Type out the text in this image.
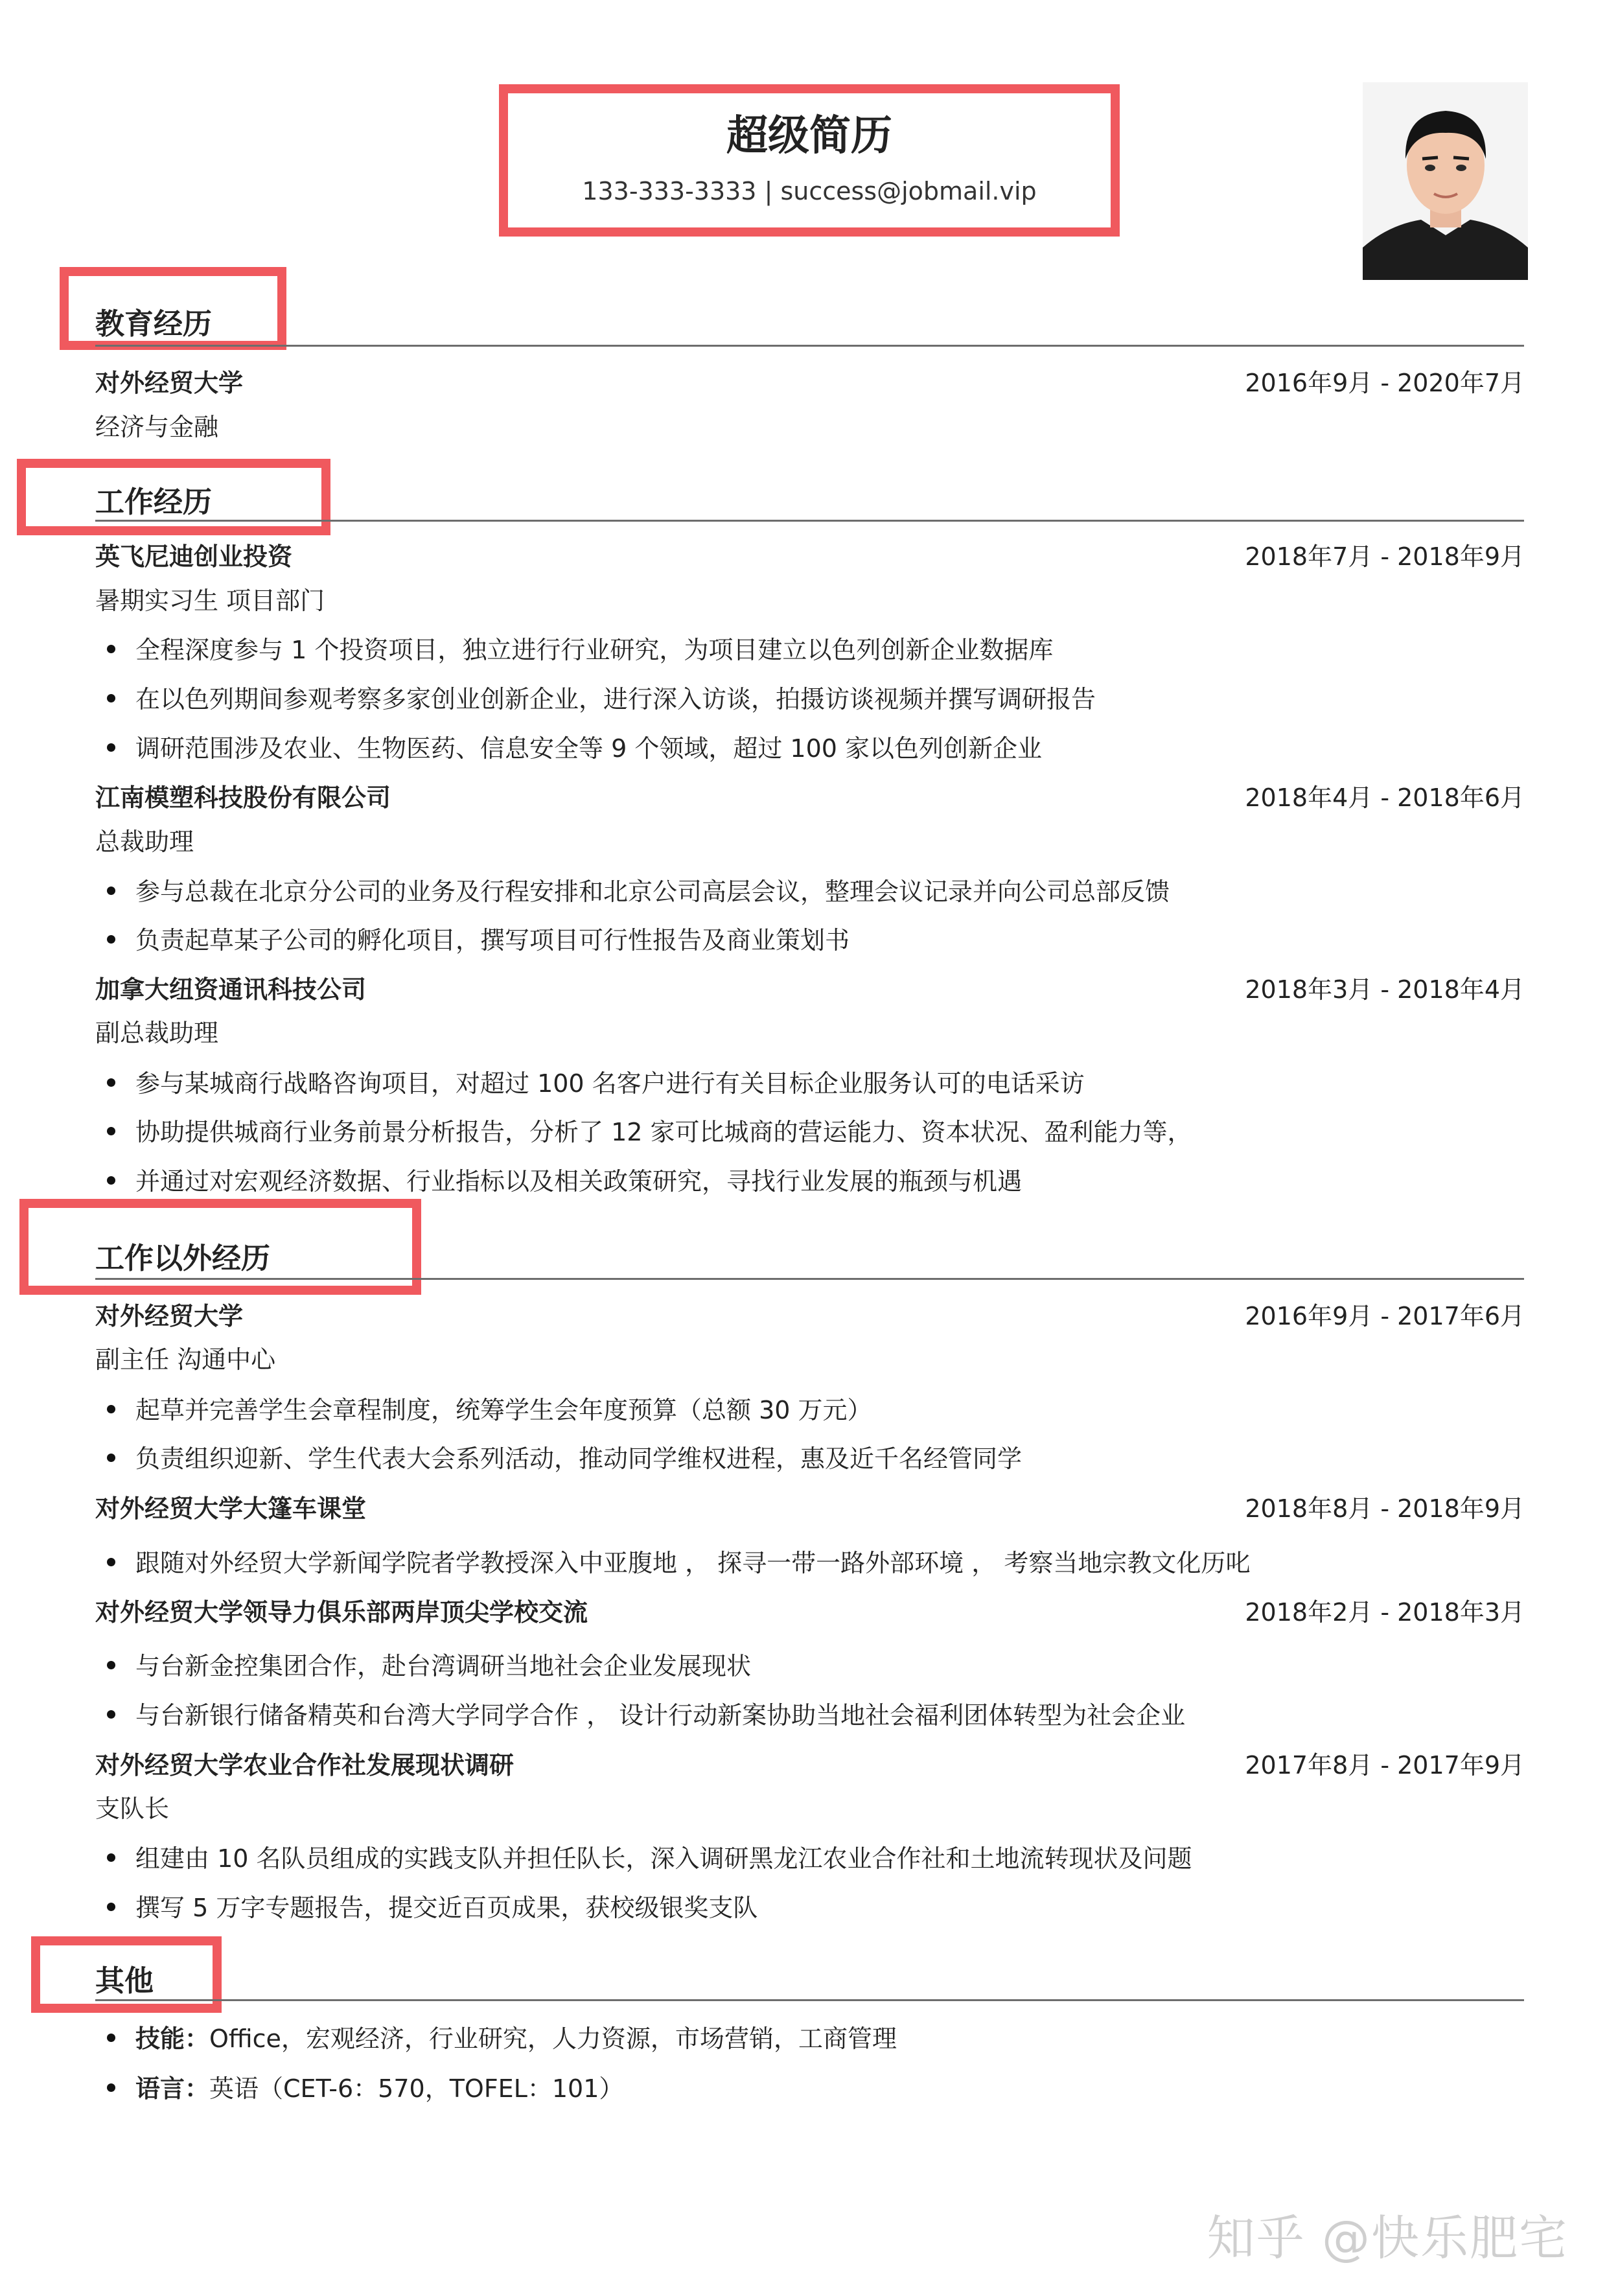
超级简历
133-333-3333 | success@jobmail.vip
教育经历
对外经贸大学	2016年9月 - 2020年7月
经济与金融
工作经历
英飞尼迪创业投资	2018年7月 - 2018年9月
暑期实习生 项目部门
全程深度参与 1 个投资项目，独立进行行业研究，为项目建立以色列创新企业数据库
在以色列期间参观考察多家创业创新企业，进行深入访谈，拍摄访谈视频并撰写调研报告
调研范围涉及农业、生物医药、信息安全等 9 个领域，超过 100 家以色列创新企业
江南模塑科技股份有限公司	2018年4月 - 2018年6月
总裁助理
参与总裁在北京分公司的业务及行程安排和北京公司高层会议，整理会议记录并向公司总部反馈
负责起草某子公司的孵化项目，撰写项目可行性报告及商业策划书
加拿大纽资通讯科技公司	2018年3月 - 2018年4月
副总裁助理
参与某城商行战略咨询项目，对超过 100 名客户进行有关目标企业服务认可的电话采访
协助提供城商行业务前景分析报告，分析了 12 家可比城商的营运能力、资本状况、盈利能力等，
并通过对宏观经济数据、行业指标以及相关政策研究，寻找行业发展的瓶颈与机遇
工作以外经历
对外经贸大学	2016年9月 - 2017年6月
副主任 沟通中心
起草并完善学生会章程制度，统筹学生会年度预算（总额 30 万元）
负责组织迎新、学生代表大会系列活动，推动同学维权进程，惠及近千名经管同学
对外经贸大学大篷车课堂	2018年8月 - 2018年9月
跟随对外经贸大学新闻学院者学教授深入中亚腹地 ， 探寻一带一路外部环境 ， 考察当地宗教文化历叱
对外经贸大学领导力俱乐部两岸顶尖学校交流	2018年2月 - 2018年3月
与台新金控集团合作，赴台湾调研当地社会企业发展现状
与台新银行储备精英和台湾大学同学合作 ， 设计行动新案协助当地社会福利团体转型为社会企业
对外经贸大学农业合作社发展现状调研	2017年8月 - 2017年9月
支队长
组建由 10 名队员组成的实践支队并担任队长，深入调研黑龙江农业合作社和土地流转现状及问题
撰写 5 万字专题报告，提交近百页成果，获校级银奖支队
其他
技能：Office，宏观经济，行业研究，人力资源，市场营销，工商管理
语言：英语（CET-6：570，TOFEL：101）
知乎 @快乐肥宅
